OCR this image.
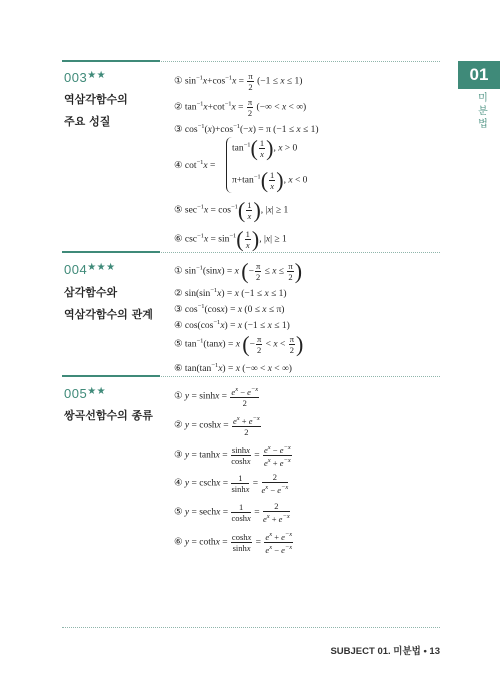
01
미
분
법
003★★
역삼각함수의
주요 성질
① $\sin^{-1}x+\cos^{-1}x = \frac{\pi}{2} (-1 \le x \le 1)$
② $\tan^{-1}x+\cot^{-1}x = \frac{\pi}{2}$ (−∞ < x < ∞)
③ $\cos^{-1}(x)+\cos^{-1}(-x) = \pi$ (−1 ≤ x ≤ 1)
④ $\cot^{-1}x$ =
$\tan^{-1}( \frac{1}{x}$ ), x > 0
$\pi+\tan^{-1}( \frac{1}{x}$ ), x < 0
⑤ $\sec^{-1}x = \cos^{-1}( \frac{1}{x}$ ), |x| ≥ 1
⑥ $\csc^{-1}x = \sin^{-1}( \frac{1}{x}$ ), |x| ≥ 1
004★★★
삼각함수와
역삼각함수의 관계
① $\sin^{-1}(\sin x) = x$ (− $\frac{\pi}{2} \le x \le \frac{\pi}{2}$ )
② $\sin(\sin^{-1}x) = x$ (−1 ≤ x ≤ 1)
③ $\cos^{-1}(\cos x) = x$ (0 ≤ x ≤ π)
④ $\cos(\cos^{-1}x) = x$ (−1 ≤ x ≤ 1)
⑤ $\tan^{-1}(\tan x) = x$ (− $\frac{\pi}{2} < x < \frac{\pi}{2}$ )
⑥ $\tan(\tan^{-1}x) = x$ (−∞ < x < ∞)
005★★
쌍곡선함수의 종류
① $y = \sinh x = \frac{e^x - e^{-x}}{2}$
② $y = \cosh x = \frac{e^x + e^{-x}}{2}$
③ $y = \tanh x = \frac{\sinh x}{\cosh x} = \frac{e^x - e^{-x}}{e^x + e^{-x}}$
④ y = cschx = $\frac{1}{\sinh x} = \frac{2}{e^x - e^{-x}}$
⑤ y = sechx = $\frac{1}{\cosh x} = \frac{2}{e^x + e^{-x}}$
⑥ y = cothx = $\frac{\cosh x}{\sinh x} = \frac{e^x + e^{-x}}{e^x - e^{-x}}$
SUBJECT 01. 미분법 • 13
